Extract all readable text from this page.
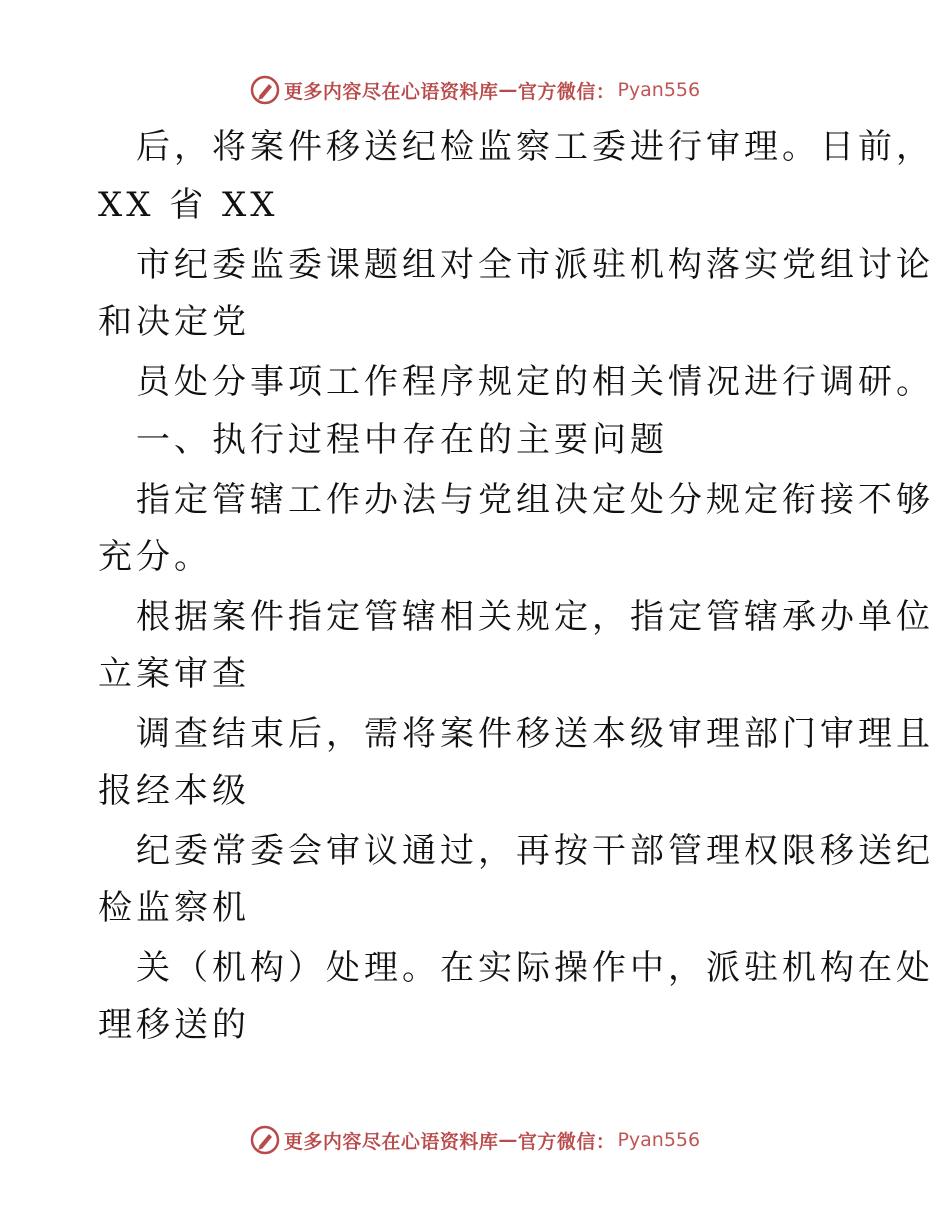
更多内容尽在心语资料库 — 官方微信： Pyan556
后，将案件移送纪检监察工委进行审理。日前，
XX 省 XX
市纪委监委课题组对全市派驻机构落实党组讨论
和决定党
员处分事项工作程序规定的相关情况进行调研。
一、执行过程中存在的主要问题
指定管辖工作办法与党组决定处分规定衔接不够
充分。
根据案件指定管辖相关规定，指定管辖承办单位
立案审查
调查结束后，需将案件移送本级审理部门审理且
报经本级
纪委常委会审议通过，再按干部管理权限移送纪
检监察机
关（机构）处理。在实际操作中，派驻机构在处
理移送的
更多内容尽在心语资料库 — 官方微信： Pyan556
